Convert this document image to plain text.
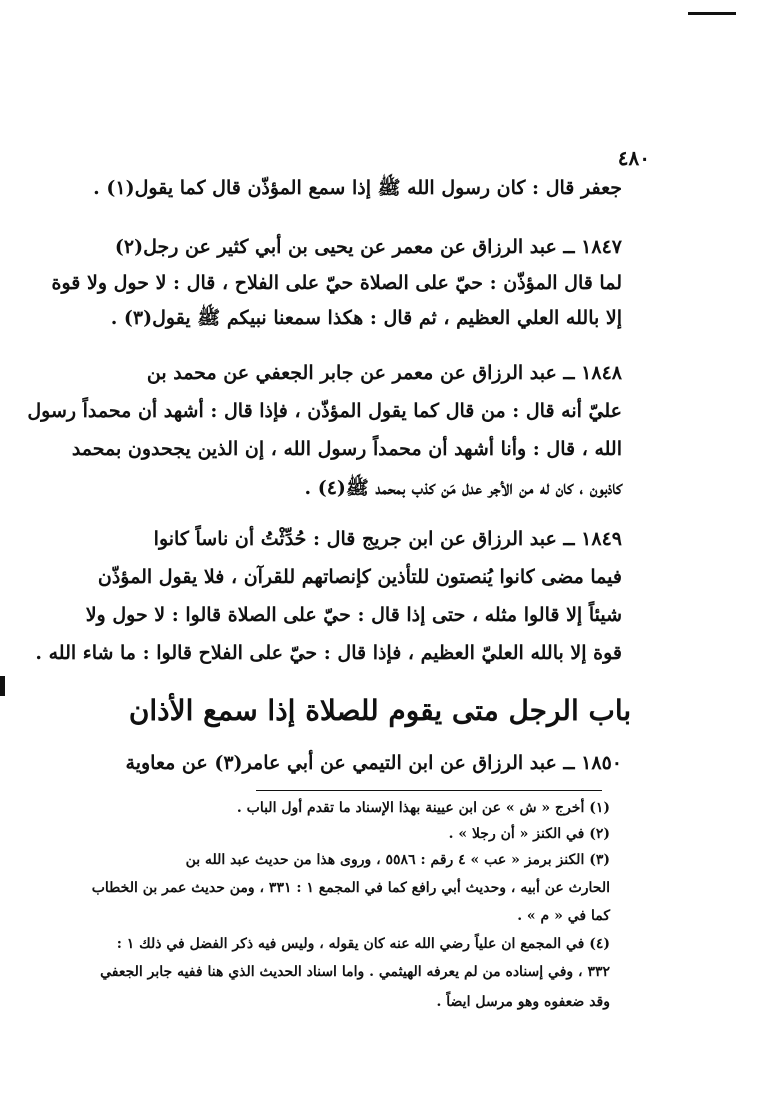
٤٨٠
جعفر قال : كان رسول الله ﷺ إذا سمع المؤذّن قال كما يقول(١) .
١٨٤٧ ــ عبد الرزاق عن معمر عن يحيى بن أبي كثير عن رجل(٢)
لما قال المؤذّن : حيّ على الصلاة حيّ على الفلاح ، قال : لا حول ولا قوة
إلا بالله العلي العظيم ، ثم قال : هكذا سمعنا نبيكم ﷺ يقول(٣) .
١٨٤٨ ــ عبد الرزاق عن معمر عن جابر الجعفي عن محمد بن
عليّ أنه قال : من قال كما يقول المؤذّن ، فإذا قال : أشهد أن محمداً رسول
الله ، قال : وأنا أشهد أن محمداً رسول الله ، إن الذين يجحدون بمحمد
كاذبون ، كان له من الأجر عدل مَن كذب بمحمد ﷺ(٤) .
١٨٤٩ ــ عبد الرزاق عن ابن جريج قال : حُدِّثْتُ أن ناساً كانوا
فيما مضى كانوا يُنصتون للتأذين كإنصاتهم للقرآن ، فلا يقول المؤذّن
شيئاً إلا قالوا مثله ، حتى إذا قال : حيّ على الصلاة قالوا : لا حول ولا
قوة إلا بالله العليّ العظيم ، فإذا قال : حيّ على الفلاح قالوا : ما شاء الله .
باب الرجل متى يقوم للصلاة إذا سمع الأذان
١٨٥٠ ــ عبد الرزاق عن ابن التيمي عن أبي عامر(٣) عن معاوية
(١) أخرج « ش » عن ابن عيينة بهذا الإسناد ما تقدم أول الباب .
(٢) في الكنز « أن رجلا » .
(٣) الكنز برمز « عب » ٤ رقم : ٥٥٨٦ ، وروى هذا من حديث عبد الله بن
الحارث عن أبيه ، وحديث أبي رافع كما في المجمع ١ : ٣٣١ ، ومن حديث عمر بن الخطاب
كما في « م » .
(٤) في المجمع ان علياً رضي الله عنه كان يقوله ، وليس فيه ذكر الفضل في ذلك ١ :
٣٣٢ ، وفي إسناده من لم يعرفه الهيثمي . واما اسناد الحديث الذي هنا ففيه جابر الجعفي
وقد ضعفوه وهو مرسل ايضاً .
